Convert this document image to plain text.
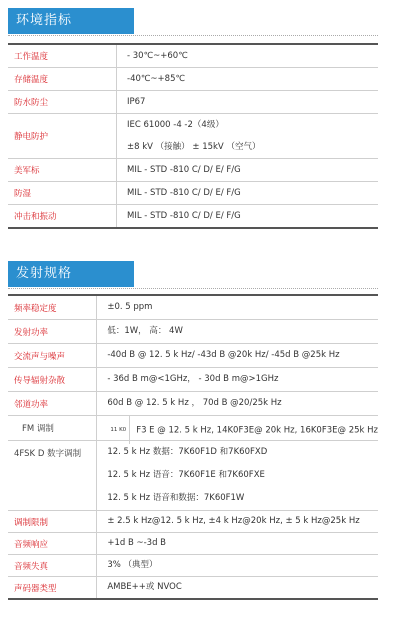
环境指标
工作温度	- 30℃~+60℃

存储温度	-40℃~+85℃

防水防尘	IP67

静电防护	IEC 61000 -4 -2（4级）
±8 kV （接触） ± 15kV （空气）

美军标	MIL - STD -810 C/ D/ E/ F/G

防湿	MIL - STD -810 C/ D/ E/ F/G

冲击和振动	MIL - STD -810 C/ D/ E/ F/G
发射规格
频率稳定度	±0. 5 ppm

发射功率	低：1W， 高： 4W

交流声与噪声	-40d B @ 12. 5 k Hz/ -43d B @20k Hz/ -45d B @25k Hz

传导辐射杂散	- 36d B m@<1GHz， - 30d B m@>1GHz

邻道功率	60d B @ 12. 5 k Hz ， 70d B @20/25k Hz

FM 调制	11 K0 F3 E @ 12. 5 k Hz, 14K0F3E@ 20k Hz, 16K0F3E@ 25k Hz

4FSK D 数字调制	12. 5 k Hz 数据：7K60F1D 和7K60FXD
12. 5 k Hz 语音：7K60F1E 和7K60FXE
12. 5 k Hz 语音和数据：7K60F1W

调制限制	± 2.5 k Hz@12. 5 k Hz, ±4 k Hz@20k Hz, ± 5 k Hz@25k Hz

音频响应	+1d B ~-3d B

音频失真	3% （典型）

声码器类型	AMBE++或 NVOC
